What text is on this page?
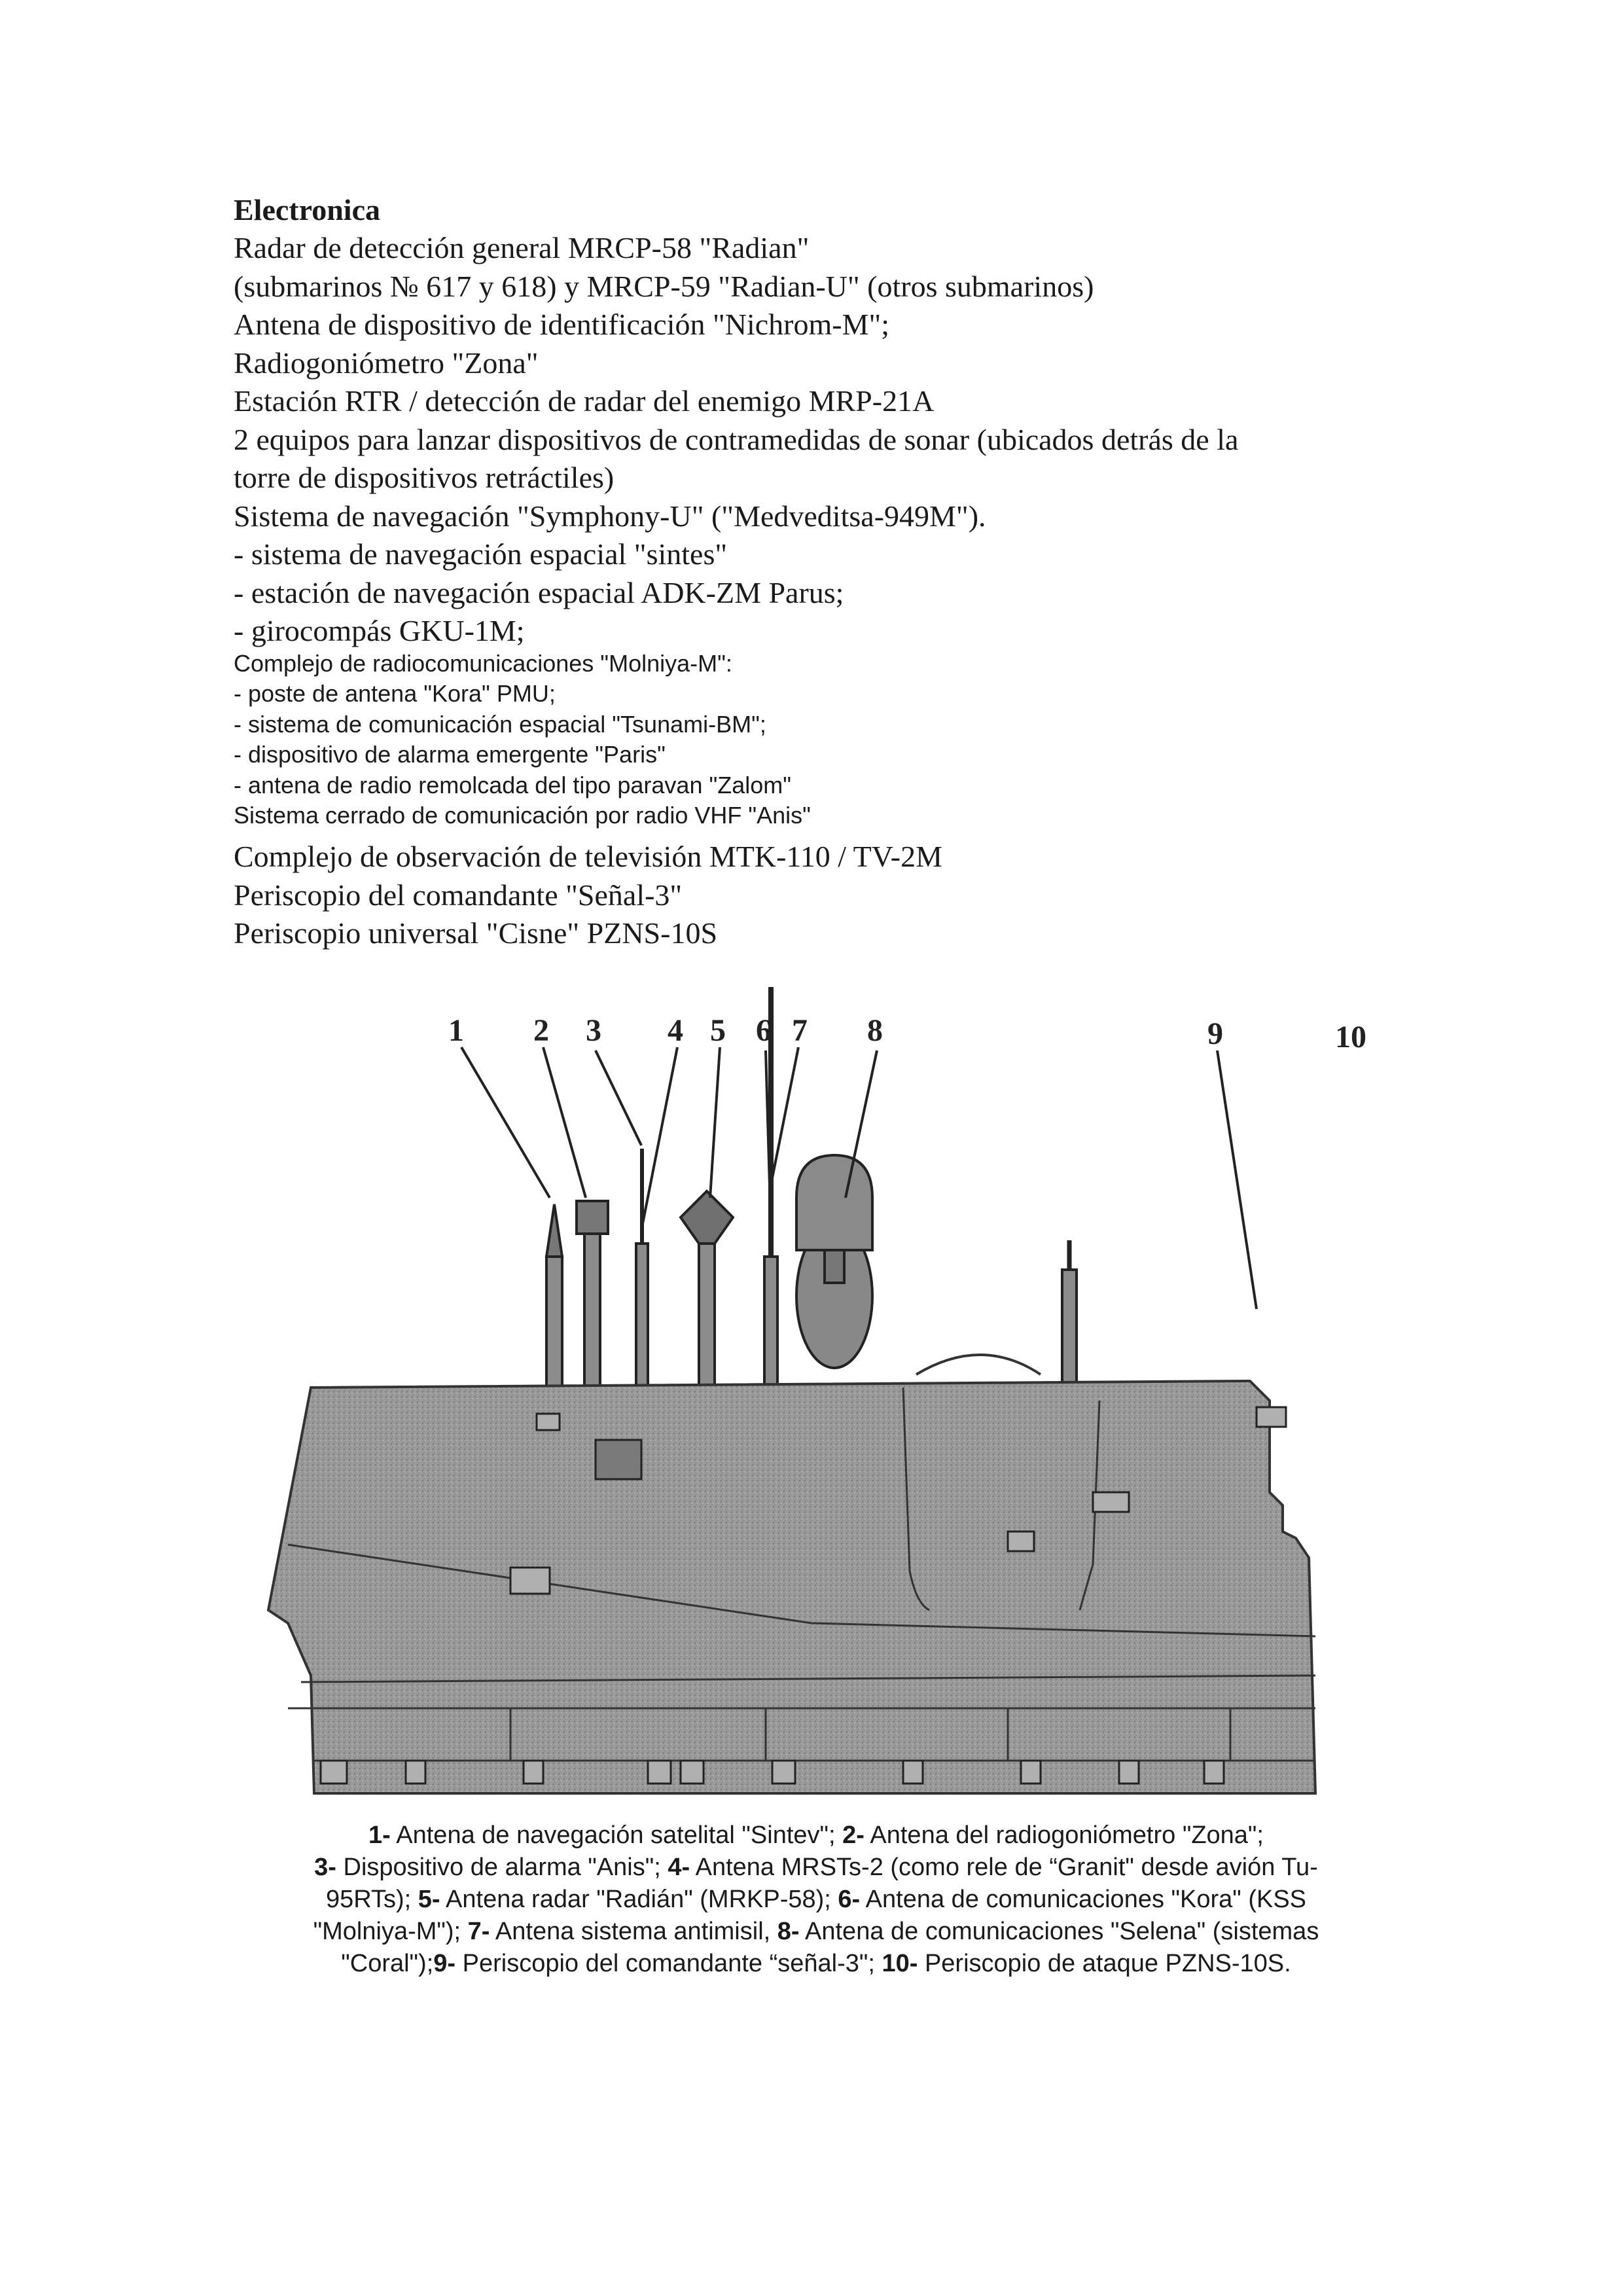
Electronica
Radar de detección general MRCP-58 "Radian"
(submarinos № 617 y 618) y MRCP-59 "Radian-U" (otros submarinos)
Antena de dispositivo de identificación "Nichrom-M";
Radiogoniómetro "Zona"
Estación RTR / detección de radar del enemigo MRP-21A
2 equipos para lanzar dispositivos de contramedidas de sonar (ubicados detrás de la
torre de dispositivos retráctiles)
Sistema de navegación "Symphony-U" ("Medveditsa-949M").
- sistema de navegación espacial "sintes"
- estación de navegación espacial ADK-ZM Parus;
- girocompás GKU-1M;
Complejo de radiocomunicaciones "Molniya-M":
- poste de antena "Kora" PMU;
- sistema de comunicación espacial "Tsunami-BM";
- dispositivo de alarma emergente "Paris"
- antena de radio remolcada del tipo paravan "Zalom"
Sistema cerrado de comunicación por radio VHF "Anis"
Complejo de observación de televisión MTK-110 / TV-2M
Periscopio del comandante "Señal-3"
Periscopio universal "Cisne" PZNS-10S
1 2 3 4 5 6 7 8	9	10
1- Antena de navegación satelital "Sintev"; 2- Antena del radiogoniómetro "Zona";
3- Dispositivo de alarma "Anis"; 4- Antena MRSTs-2 (como rele de “Granit" desde avión Tu-
95RTs); 5- Antena radar "Radián" (MRKP-58); 6- Antena de comunicaciones "Kora" (KSS
"Molniya-M"); 7- Antena sistema antimisil, 8- Antena de comunicaciones "Selena" (sistemas
"Coral");9- Periscopio del comandante “señal-3"; 10- Periscopio de ataque PZNS-10S.
